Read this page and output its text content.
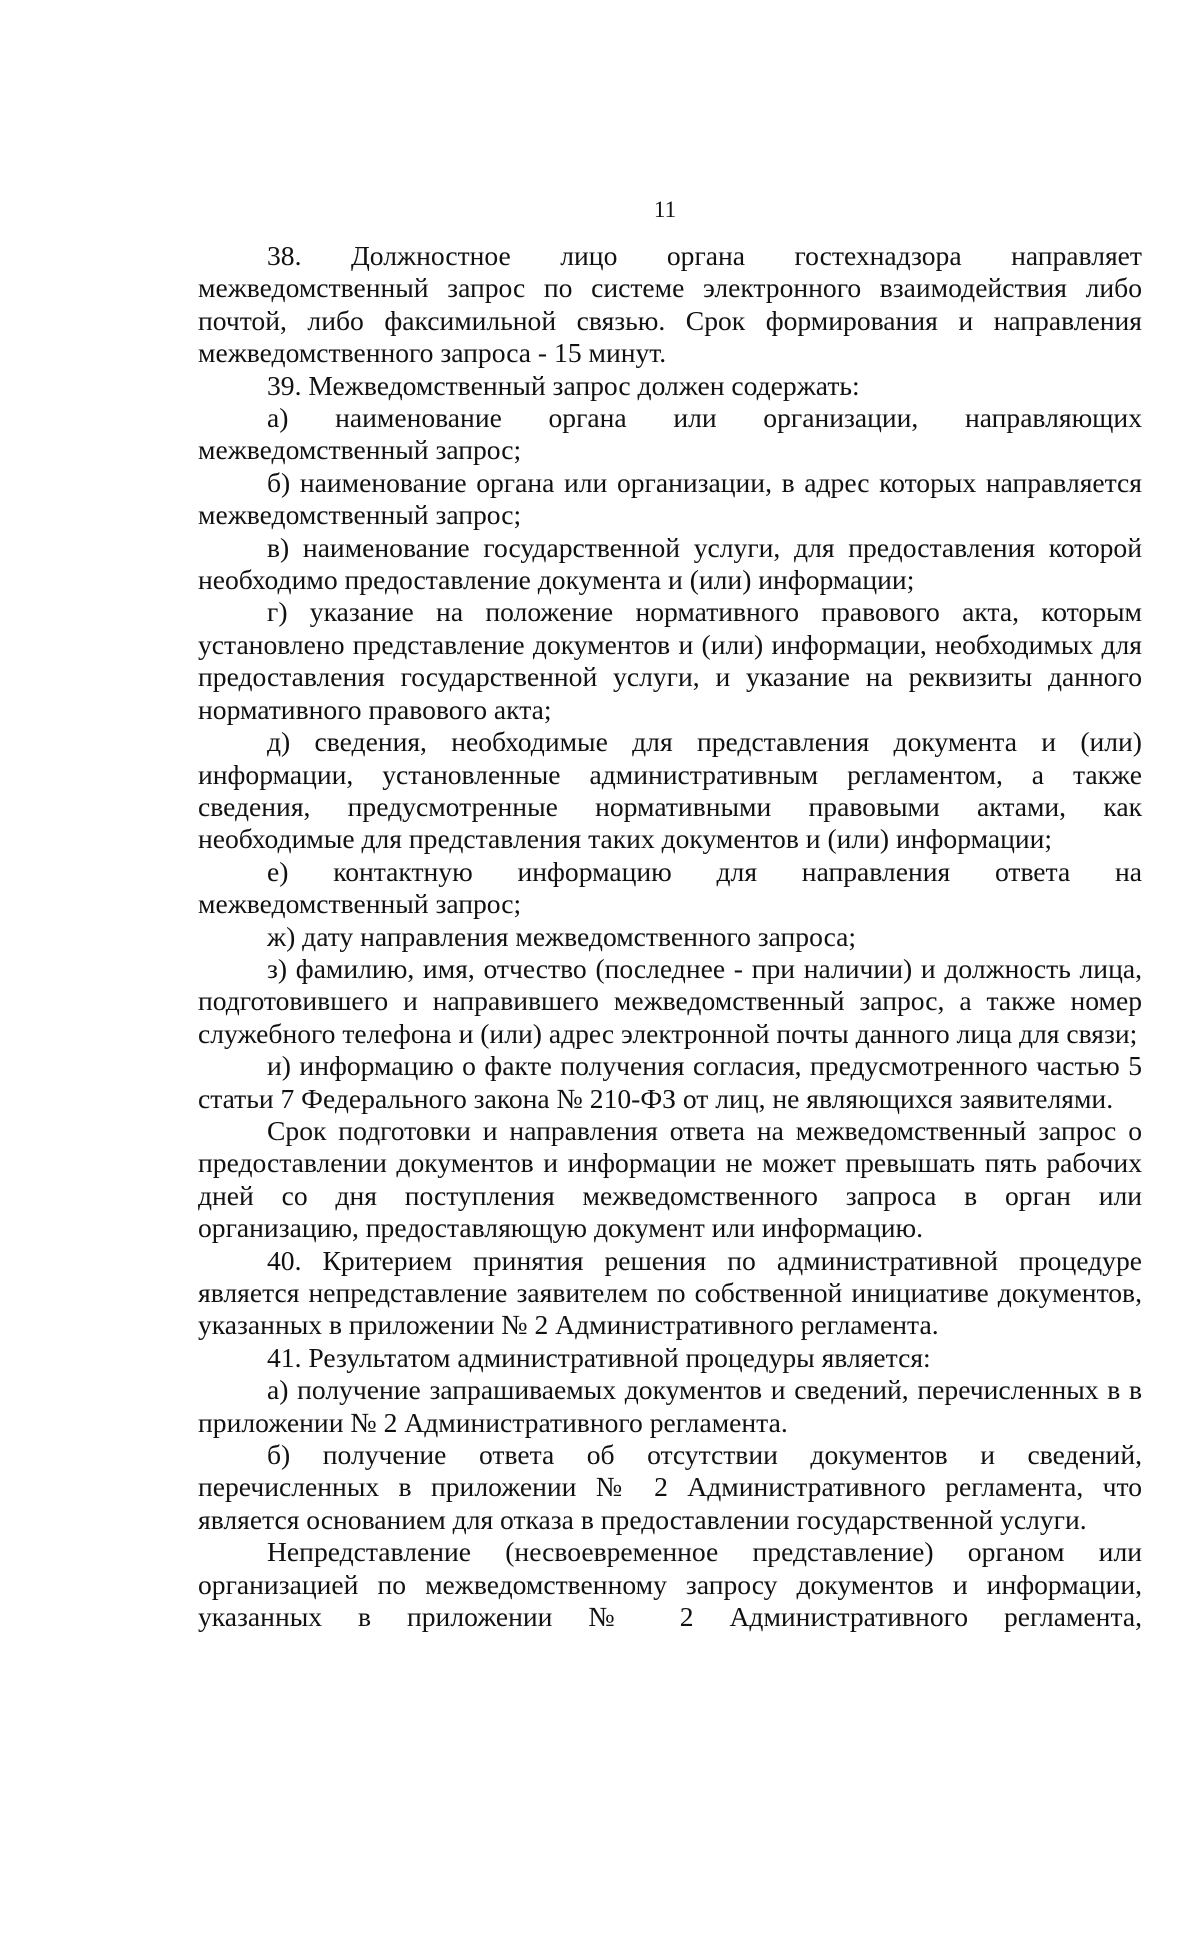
11

38. Должностное лицо органа гостехнадзора направляет межведомственный запрос по системе электронного взаимодействия либо почтой, либо факсимильной связью. Срок формирования и направления межведомственного запроса - 15 минут.

39. Межведомственный запрос должен содержать:

а) наименование органа или организации, направляющих межведомственный запрос;

б) наименование органа или организации, в адрес которых направляется межведомственный запрос;

в) наименование государственной услуги, для предоставления которой необходимо предоставление документа и (или) информации;

г) указание на положение нормативного правового акта, которым установлено представление документов и (или) информации, необходимых для предоставления государственной услуги, и указание на реквизиты данного нормативного правового акта;

д) сведения, необходимые для представления документа и (или) информации, установленные административным регламентом, а также сведения, предусмотренные нормативными правовыми актами, как необходимые для представления таких документов и (или) информации;

е) контактную информацию для направления ответа на межведомственный запрос;

ж) дату направления межведомственного запроса;

з) фамилию, имя, отчество (последнее - при наличии) и должность лица, подготовившего и направившего межведомственный запрос, а также номер служебного телефона и (или) адрес электронной почты данного лица для связи;

и) информацию о факте получения согласия, предусмотренного частью 5 статьи 7 Федерального закона № 210-ФЗ от лиц, не являющихся заявителями.

Срок подготовки и направления ответа на межведомственный запрос о предоставлении документов и информации не может превышать пять рабочих дней со дня поступления межведомственного запроса в орган или организацию, предоставляющую документ или информацию.

40. Критерием принятия решения по административной процедуре является непредставление заявителем по собственной инициативе документов, указанных в приложении № 2 Административного регламента.

41. Результатом административной процедуры является:

а) получение запрашиваемых документов и сведений, перечисленных в в приложении № 2 Административного регламента.

б) получение ответа об отсутствии документов и сведений, перечисленных в приложении № 2 Административного регламента, что является основанием для отказа в предоставлении государственной услуги.

Непредставление (несвоевременное представление) органом или организацией по межведомственному запросу документов и информации, указанных в приложении № 2 Административного регламента,
